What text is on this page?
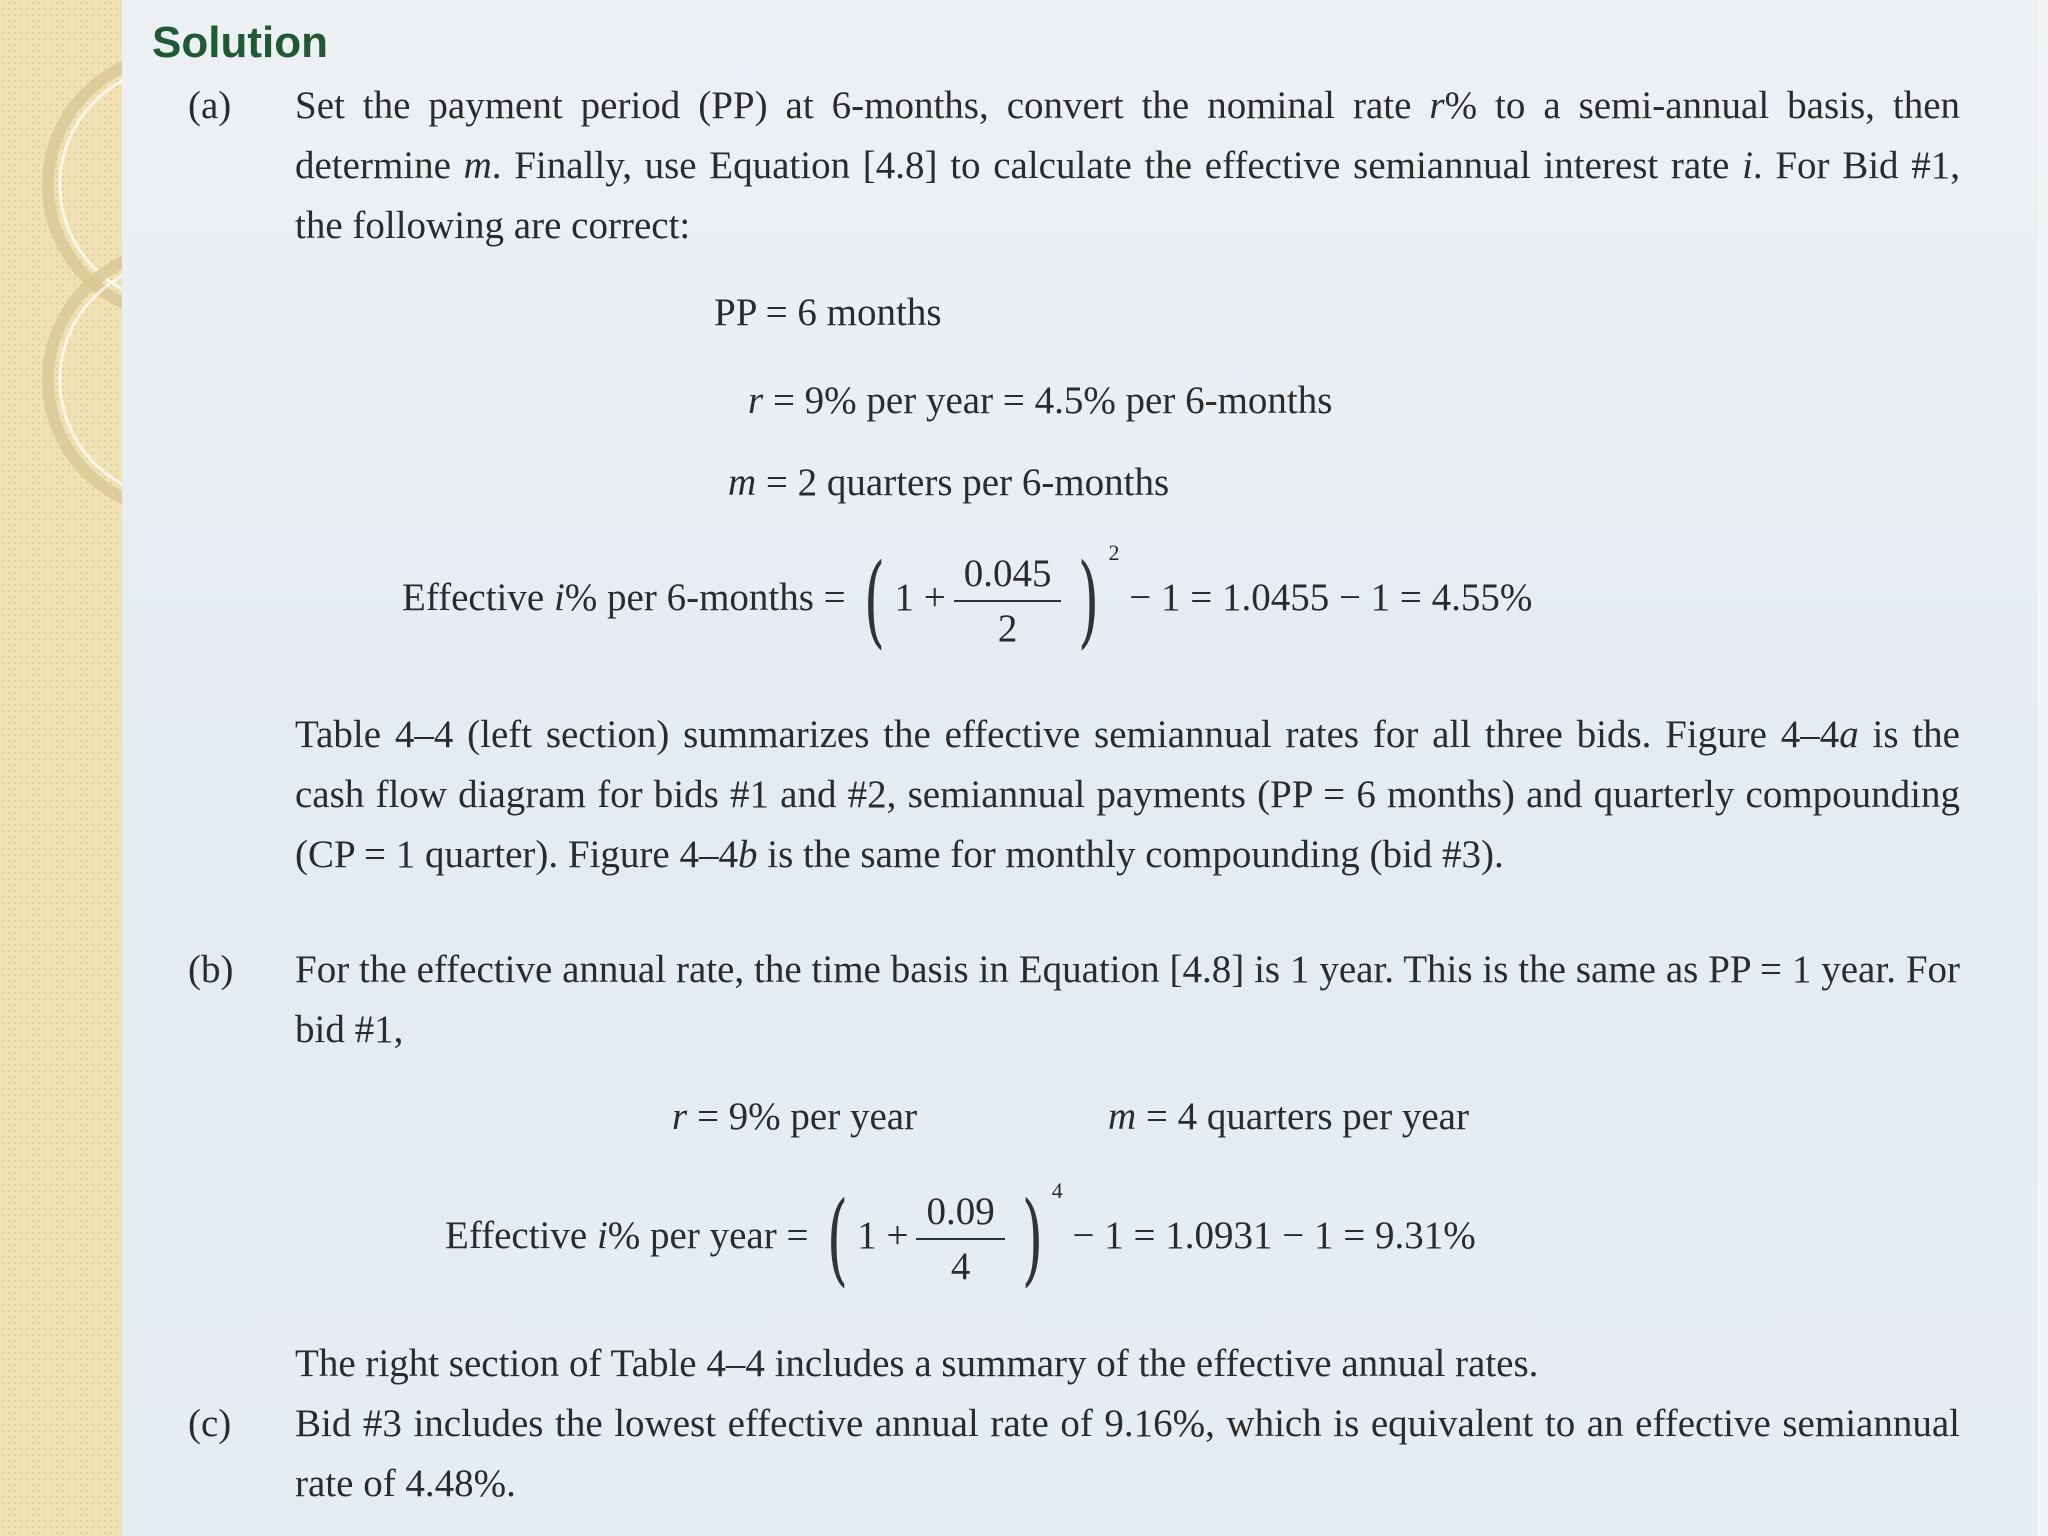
Solution
(a) Set the payment period (PP) at 6-months, convert the nominal rate r% to a semi-annual basis, then determine m. Finally, use Equation [4.8] to calculate the effective semiannual interest rate i. For Bid #1, the following are correct:
PP = 6 months
r = 9% per year = 4.5% per 6-months
m = 2 quarters per 6-months
Effective i% per 6-months = ( $1 + \frac{0.045}{2}$ ) $^2$ − 1 = 1.0455 − 1 = 4.55%
Table 4–4 (left section) summarizes the effective semiannual rates for all three bids. Figure 4–4a is the cash flow diagram for bids #1 and #2, semiannual payments (PP = 6 months) and quarterly compounding (CP = 1 quarter). Figure 4–4b is the same for monthly compounding (bid #3).
(b) For the effective annual rate, the time basis in Equation [4.8] is 1 year. This is the same as PP = 1 year. For bid #1,
r = 9% per year	m = 4 quarters per year
Effective i% per year = ( $1 + \frac{0.09}{4}$ ) $^4$ − 1 = 1.0931 − 1 = 9.31%
The right section of Table 4–4 includes a summary of the effective annual rates.
(c) Bid #3 includes the lowest effective annual rate of 9.16%, which is equivalent to an effective semiannual rate of 4.48%.
